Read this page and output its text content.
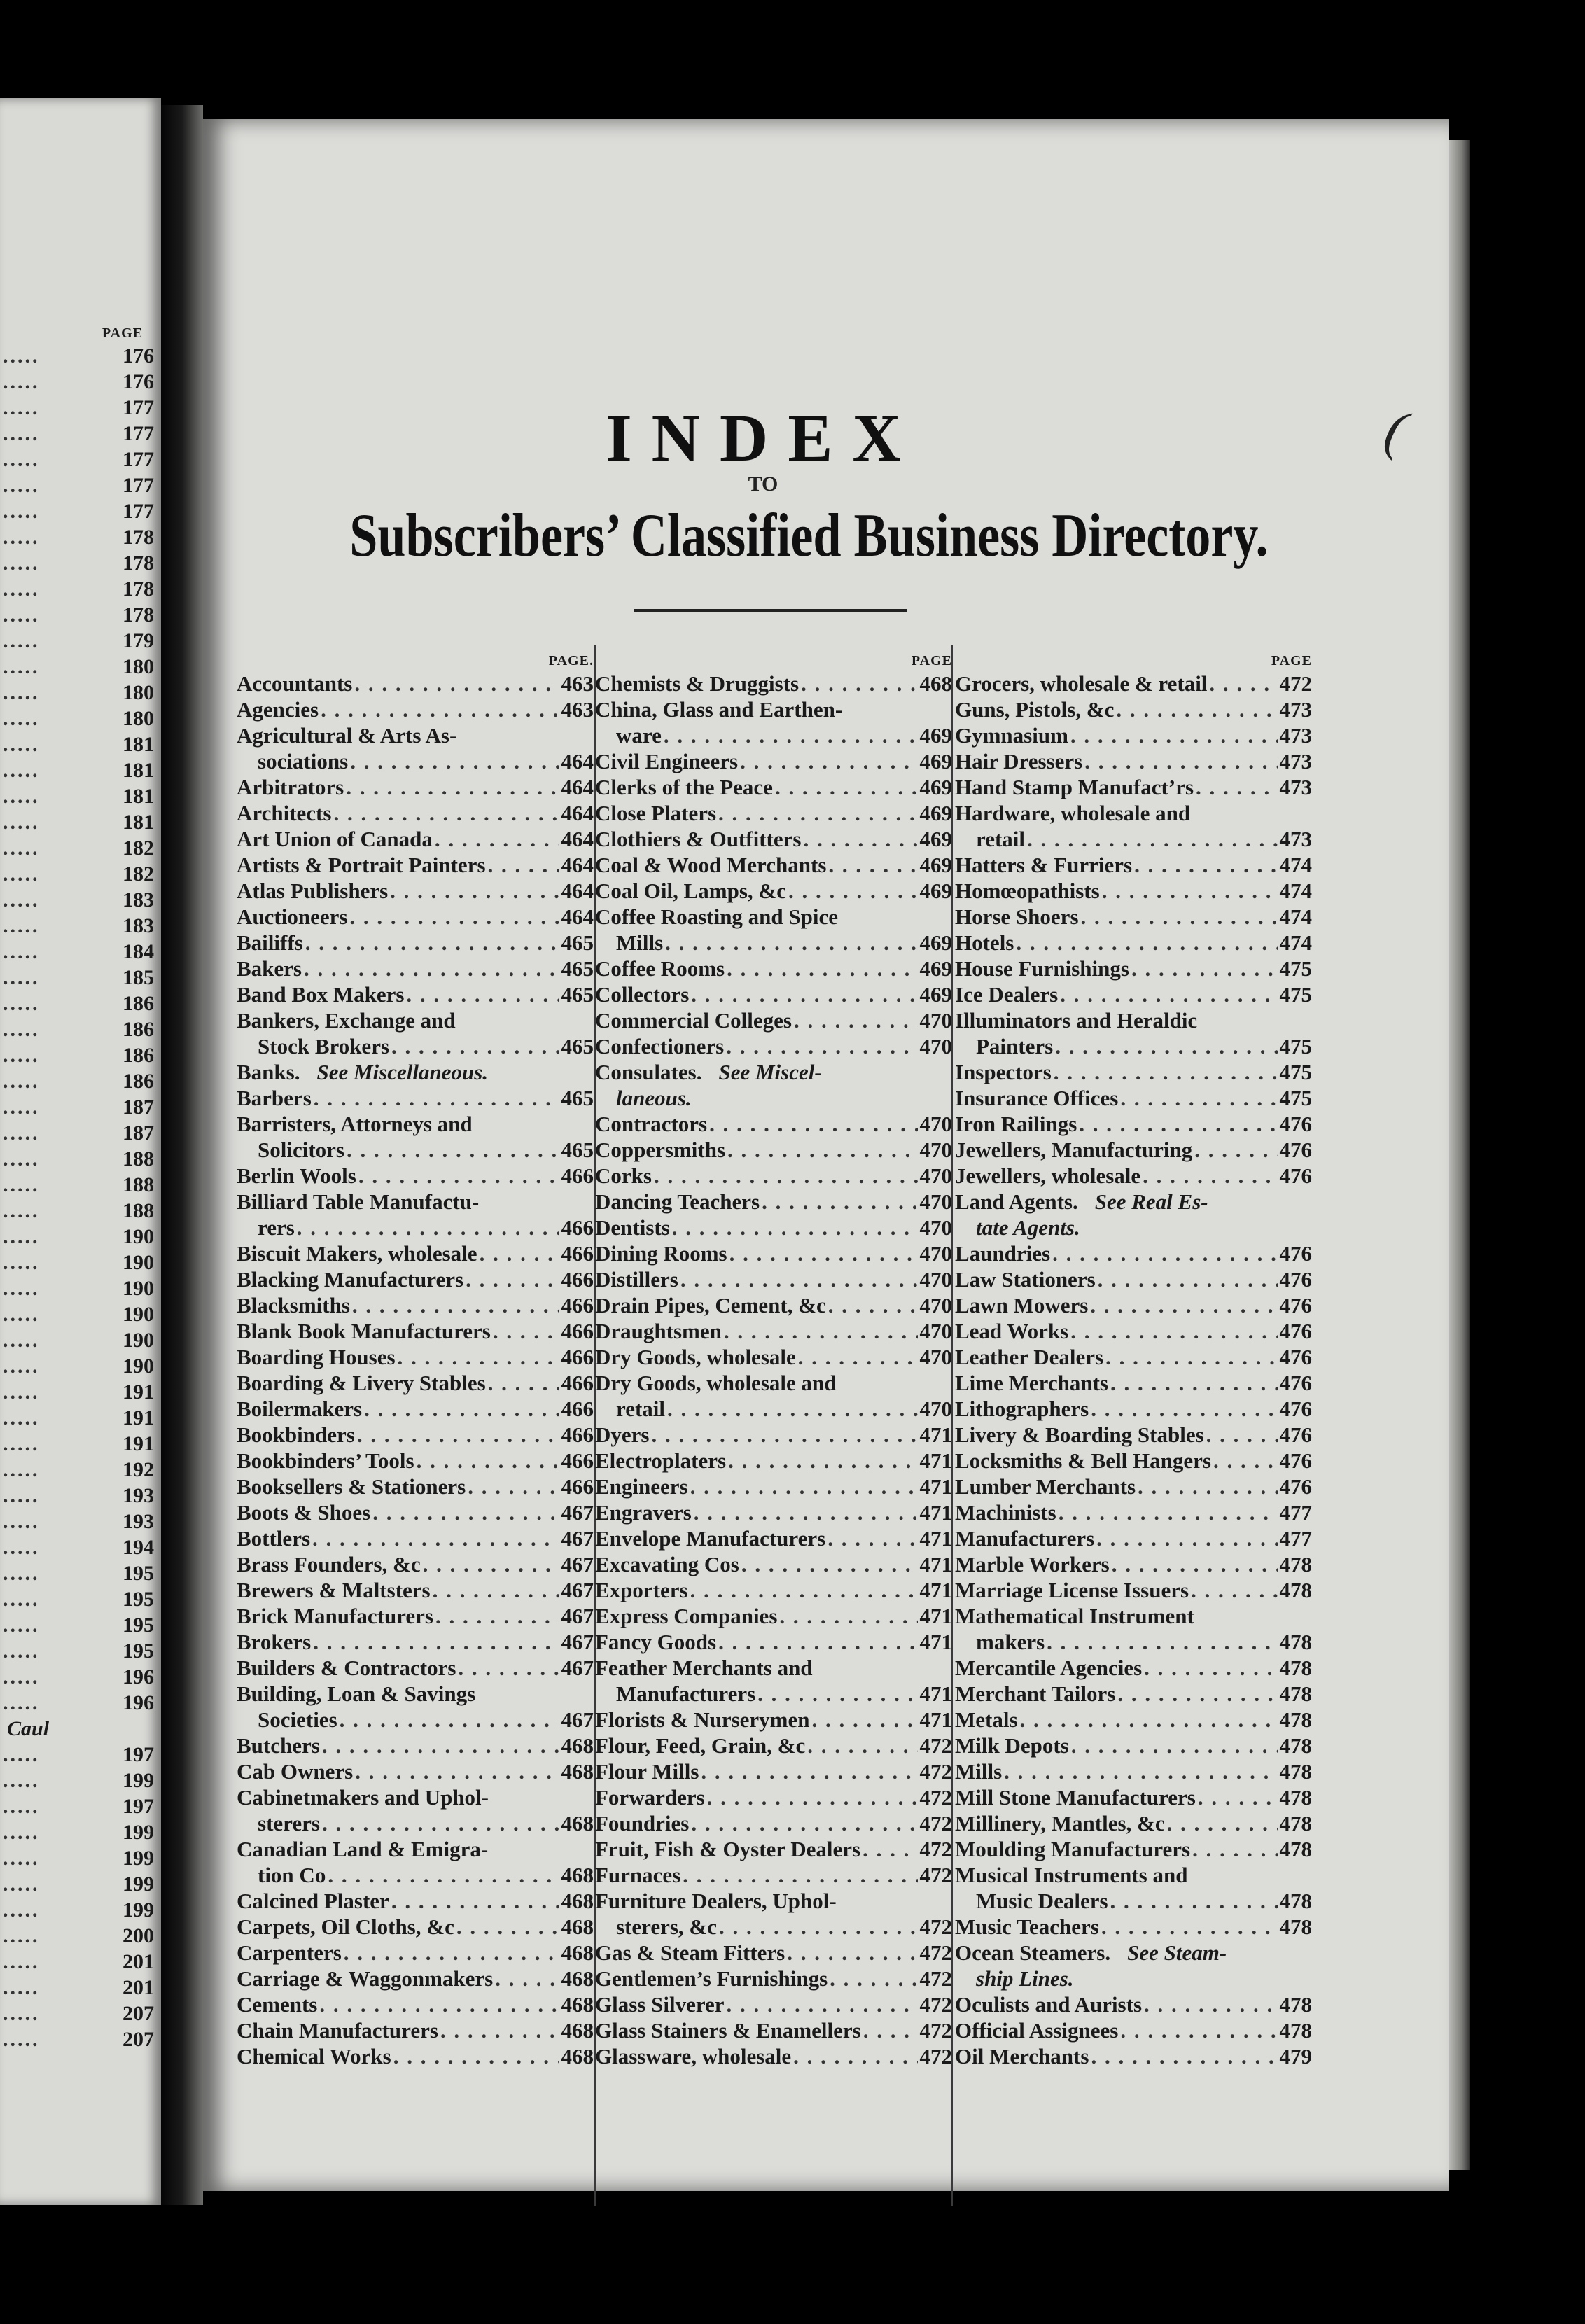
PAGE
.....	176
.....	176
.....	177
.....	177
.....	177
.....	177
.....	177
.....	178
.....	178
.....	178
.....	178
.....	179
.....	180
.....	180
.....	180
.....	181
.....	181
.....	181
.....	181
.....	182
.....	182
.....	183
.....	183
.....	184
.....	185
.....	186
.....	186
.....	186
.....	186
.....	187
.....	187
.....	188
.....	188
.....	188
.....	190
.....	190
.....	190
.....	190
.....	190
.....	190
.....	191
.....	191
.....	191
.....	192
.....	193
.....	193
.....	194
.....	195
.....	195
.....	195
.....	195
.....	196
.....	196
Caul
.....	197
.....	199
.....	197
.....	199
.....	199
.....	199
.....	199
.....	200
.....	201
.....	201
.....	207
.....	207
(
INDEX
TO
Subscribers’ Classified Business Directory.
PAGE.
Accountants . . .	463
Agencies . . .	463
Agricultural & Arts As-
sociations . . .	464
Arbitrators . . .	464
Architects . . .	464
Art Union of Canada . . .	464
Artists & Portrait Painters . . .	464
Atlas Publishers . . .	464
Auctioneers . . .	464
Bailiffs . . .	465
Bakers . . .	465
Band Box Makers . . .	465
Bankers, Exchange and
Stock Brokers . . .	465
Banks. See Miscellaneous.
Barbers . . .	465
Barristers, Attorneys and
Solicitors . . .	465
Berlin Wools . . .	466
Billiard Table Manufactu-
rers . . .	466
Biscuit Makers, wholesale . . .	466
Blacking Manufacturers . . .	466
Blacksmiths . . .	466
Blank Book Manufacturers . . .	466
Boarding Houses . . .	466
Boarding & Livery Stables . . .	466
Boilermakers . . .	466
Bookbinders . . .	466
Bookbinders’ Tools . . .	466
Booksellers & Stationers . . .	466
Boots & Shoes . . .	467
Bottlers . . .	467
Brass Founders, &c . . .	467
Brewers & Maltsters . . .	467
Brick Manufacturers . . .	467
Brokers . . .	467
Builders & Contractors . . .	467
Building, Loan & Savings
Societies . . .	467
Butchers . . .	468
Cab Owners . . .	468
Cabinetmakers and Uphol-
sterers . . .	468
Canadian Land & Emigra-
tion Co . . .	468
Calcined Plaster . . .	468
Carpets, Oil Cloths, &c . . .	468
Carpenters . . .	468
Carriage & Waggonmakers . . .	468
Cements . . .	468
Chain Manufacturers . . .	468
Chemical Works . . .	468
PAGE
Chemists & Druggists . . .	468
China, Glass and Earthen-
ware . . .	469
Civil Engineers . . .	469
Clerks of the Peace . . .	469
Close Platers . . .	469
Clothiers & Outfitters . . .	469
Coal & Wood Merchants . . .	469
Coal Oil, Lamps, &c . . .	469
Coffee Roasting and Spice
Mills . . .	469
Coffee Rooms . . .	469
Collectors . . .	469
Commercial Colleges . . .	470
Confectioners . . .	470
Consulates. See Miscel-
laneous.
Contractors . . .	470
Coppersmiths . . .	470
Corks . . .	470
Dancing Teachers . . .	470
Dentists . . .	470
Dining Rooms . . .	470
Distillers . . .	470
Drain Pipes, Cement, &c . . .	470
Draughtsmen . . .	470
Dry Goods, wholesale . . .	470
Dry Goods, wholesale and
retail . . .	470
Dyers . . .	471
Electroplaters . . .	471
Engineers . . .	471
Engravers . . .	471
Envelope Manufacturers . . .	471
Excavating Cos . . .	471
Exporters . . .	471
Express Companies . . .	471
Fancy Goods . . .	471
Feather Merchants and
Manufacturers . . .	471
Florists & Nurserymen . . .	471
Flour, Feed, Grain, &c . . .	472
Flour Mills . . .	472
Forwarders . . .	472
Foundries . . .	472
Fruit, Fish & Oyster Dealers . . .	472
Furnaces . . .	472
Furniture Dealers, Uphol-
sterers, &c . . .	472
Gas & Steam Fitters . . .	472
Gentlemen’s Furnishings . . .	472
Glass Silverer . . .	472
Glass Stainers & Enamellers . . .	472
Glassware, wholesale . . .	472
PAGE
Grocers, wholesale & retail . . .	472
Guns, Pistols, &c . . .	473
Gymnasium . . .	473
Hair Dressers . . .	473
Hand Stamp Manufact’rs . . .	473
Hardware, wholesale and
retail . . .	473
Hatters & Furriers . . .	474
Homœopathists . . .	474
Horse Shoers . . .	474
Hotels . . .	474
House Furnishings . . .	475
Ice Dealers . . .	475
Illuminators and Heraldic
Painters . . .	475
Inspectors . . .	475
Insurance Offices . . .	475
Iron Railings . . .	476
Jewellers, Manufacturing . . .	476
Jewellers, wholesale . . .	476
Land Agents. See Real Es-
tate Agents.
Laundries . . .	476
Law Stationers . . .	476
Lawn Mowers . . .	476
Lead Works . . .	476
Leather Dealers . . .	476
Lime Merchants . . .	476
Lithographers . . .	476
Livery & Boarding Stables . . .	476
Locksmiths & Bell Hangers . . .	476
Lumber Merchants . . .	476
Machinists . . .	477
Manufacturers . . .	477
Marble Workers . . .	478
Marriage License Issuers . . .	478
Mathematical Instrument
makers . . .	478
Mercantile Agencies . . .	478
Merchant Tailors . . .	478
Metals . . .	478
Milk Depots . . .	478
Mills . . .	478
Mill Stone Manufacturers . . .	478
Millinery, Mantles, &c . . .	478
Moulding Manufacturers . . .	478
Musical Instruments and
Music Dealers . . .	478
Music Teachers . . .	478
Ocean Steamers. See Steam-
ship Lines.
Oculists and Aurists . . .	478
Official Assignees . . .	478
Oil Merchants . . .	479
